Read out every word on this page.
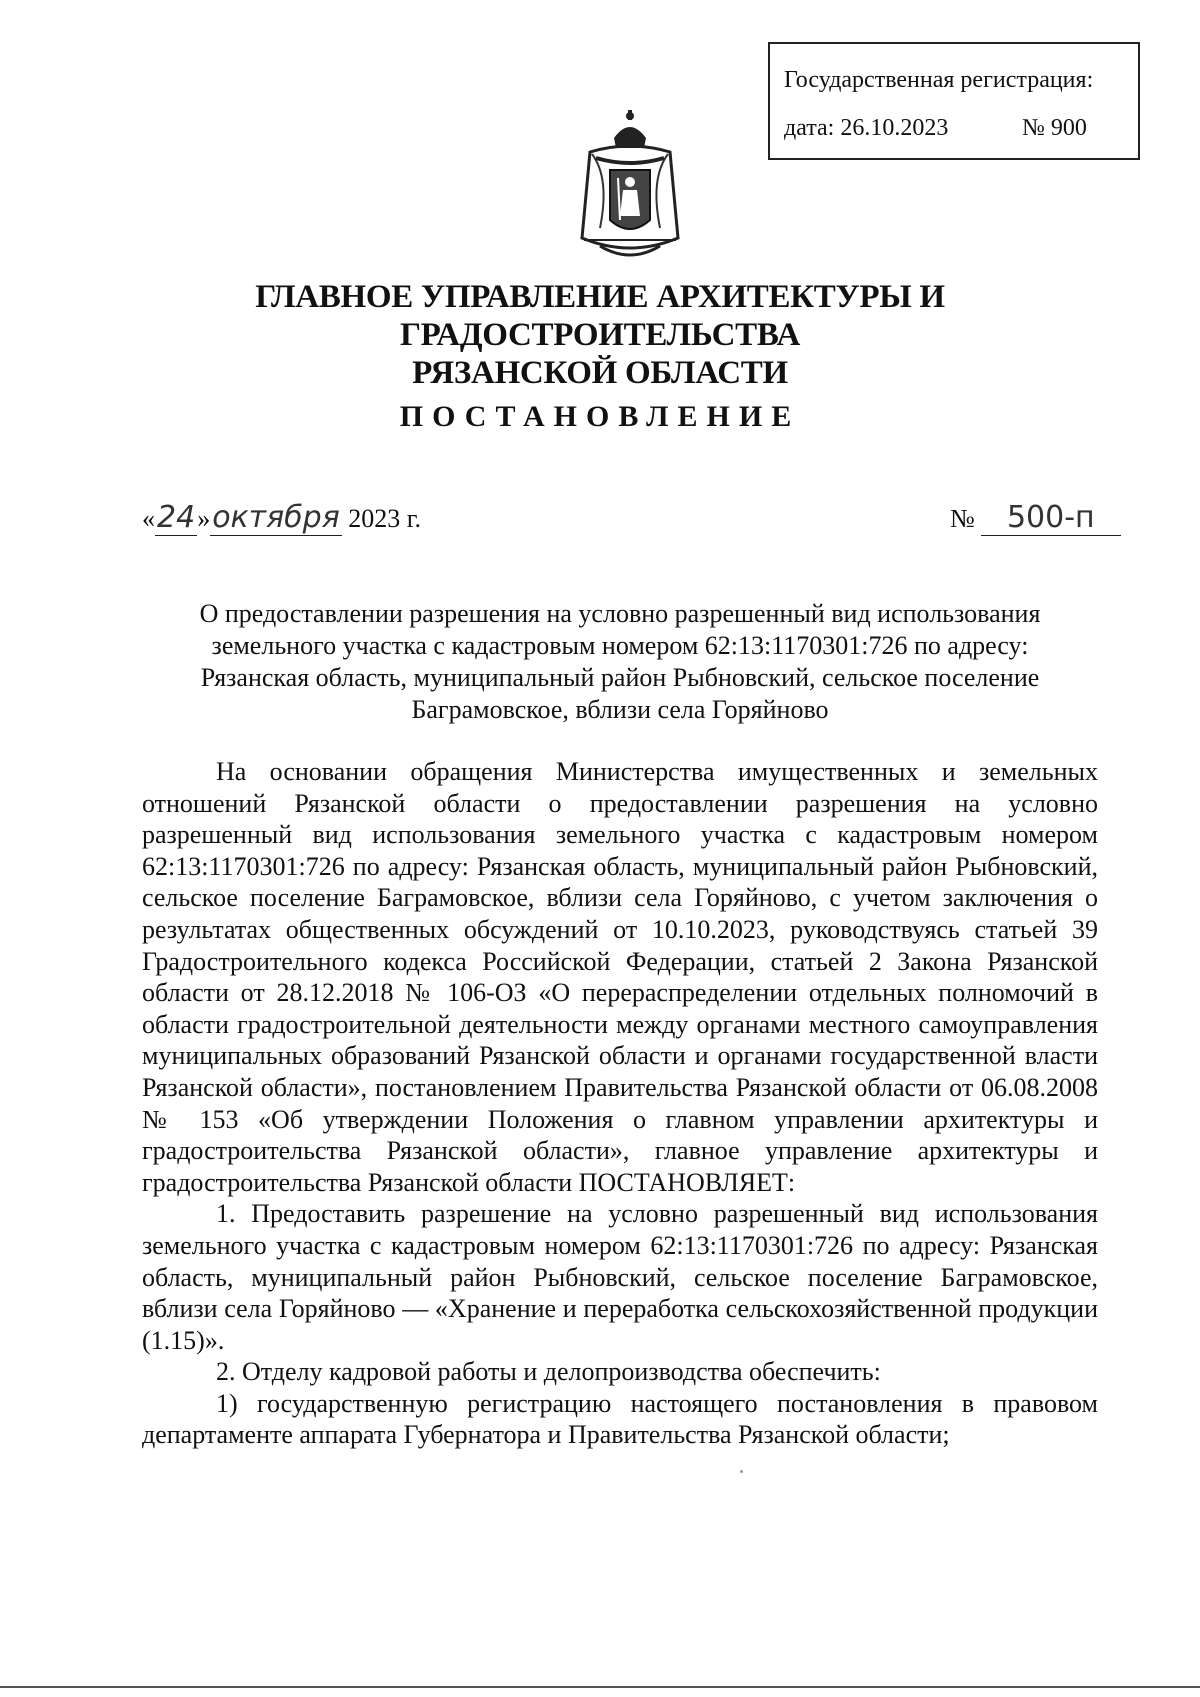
Государственная регистрация:
дата: 26.10.2023	№ 900
ГЛАВНОЕ УПРАВЛЕНИЕ АРХИТЕКТУРЫ И ГРАДОСТРОИТЕЛЬСТВА
РЯЗАНСКОЙ ОБЛАСТИ
ПОСТАНОВЛЕНИЕ
«24»октября 2023 г.	№ 500-п
О предоставлении разрешения на условно разрешенный вид использования
земельного участка с кадастровым номером 62:13:1170301:726 по адресу:
Рязанская область, муниципальный район Рыбновский, сельское поселение
Баграмовское, вблизи села Горяйново

На основании обращения Министерства имущественных и земельных отношений Рязанской области о предоставлении разрешения на условно разрешенный вид использования земельного участка с кадастровым номером 62:13:1170301:726 по адресу: Рязанская область, муниципальный район Рыбновский, сельское поселение Баграмовское, вблизи села Горяйново, с учетом заключения о результатах общественных обсуждений от 10.10.2023, руководствуясь статьей 39 Градостроительного кодекса Российской Федерации, статьей 2 Закона Рязанской области от 28.12.2018 № 106-ОЗ «О перераспределении отдельных полномочий в области градостроительной деятельности между органами местного самоуправления муниципальных образований Рязанской области и органами государственной власти Рязанской области», постановлением Правительства Рязанской области от 06.08.2008 № 153 «Об утверждении Положения о главном управлении архитектуры и градостроительства Рязанской области», главное управление архитектуры и градостроительства Рязанской области ПОСТАНОВЛЯЕТ:

1. Предоставить разрешение на условно разрешенный вид использования земельного участка с кадастровым номером 62:13:1170301:726 по адресу: Рязанская область, муниципальный район Рыбновский, сельское поселение Баграмовское, вблизи села Горяйново — «Хранение и переработка сельскохозяйственной продукции (1.15)».

2. Отделу кадровой работы и делопроизводства обеспечить:

1) государственную регистрацию настоящего постановления в правовом департаменте аппарата Губернатора и Правительства Рязанской области;
